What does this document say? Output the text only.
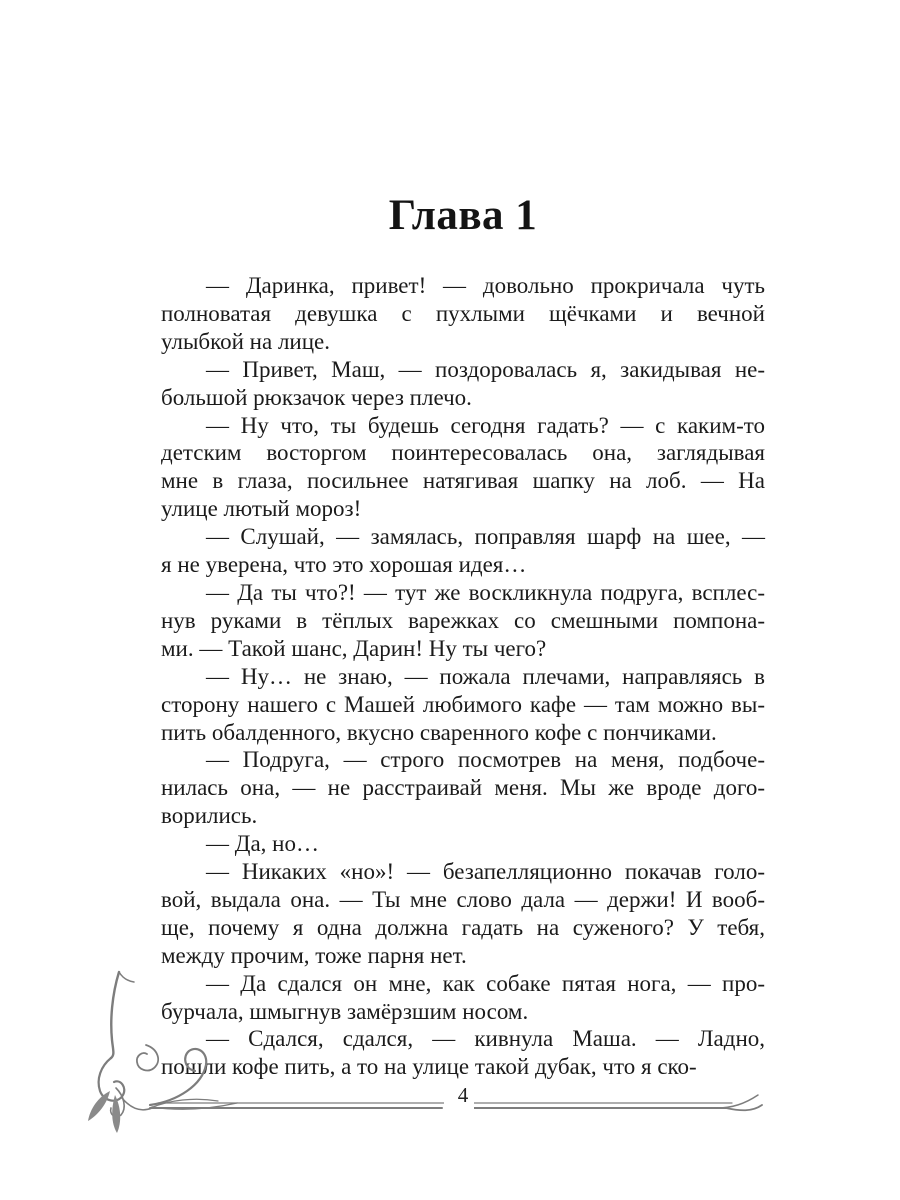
Глава 1
— Даринка, привет! — довольно прокричала чуть
полноватая девушка с пухлыми щёчками и вечной
улыбкой на лице.
— Привет, Маш, — поздоровалась я, закидывая не-
большой рюкзачок через плечо.
— Ну что, ты будешь сегодня гадать? — с каким-то
детским восторгом поинтересовалась она, заглядывая
мне в глаза, посильнее натягивая шапку на лоб. — На
улице лютый мороз!
— Слушай, — замялась, поправляя шарф на шее, —
я не уверена, что это хорошая идея…
— Да ты что?! — тут же воскликнула подруга, всплес-
нув руками в тёплых варежках со смешными помпона-
ми. — Такой шанс, Дарин! Ну ты чего?
— Ну… не знаю, — пожала плечами, направляясь в
сторону нашего с Машей любимого кафе — там можно вы-
пить обалденного, вкусно сваренного кофе с пончиками.
— Подруга, — строго посмотрев на меня, подбоче-
нилась она, — не расстраивай меня. Мы же вроде дого-
ворились.
— Да, но…
— Никаких «но»! — безапелляционно покачав голо-
вой, выдала она. — Ты мне слово дала — держи! И вооб-
ще, почему я одна должна гадать на суженого? У тебя,
между прочим, тоже парня нет.
— Да сдался он мне, как собаке пятая нога, — про-
бурчала, шмыгнув замёрзшим носом.
— Сдался, сдался, — кивнула Маша. — Ладно,
пошли кофе пить, а то на улице такой дубак, что я ско-
4
